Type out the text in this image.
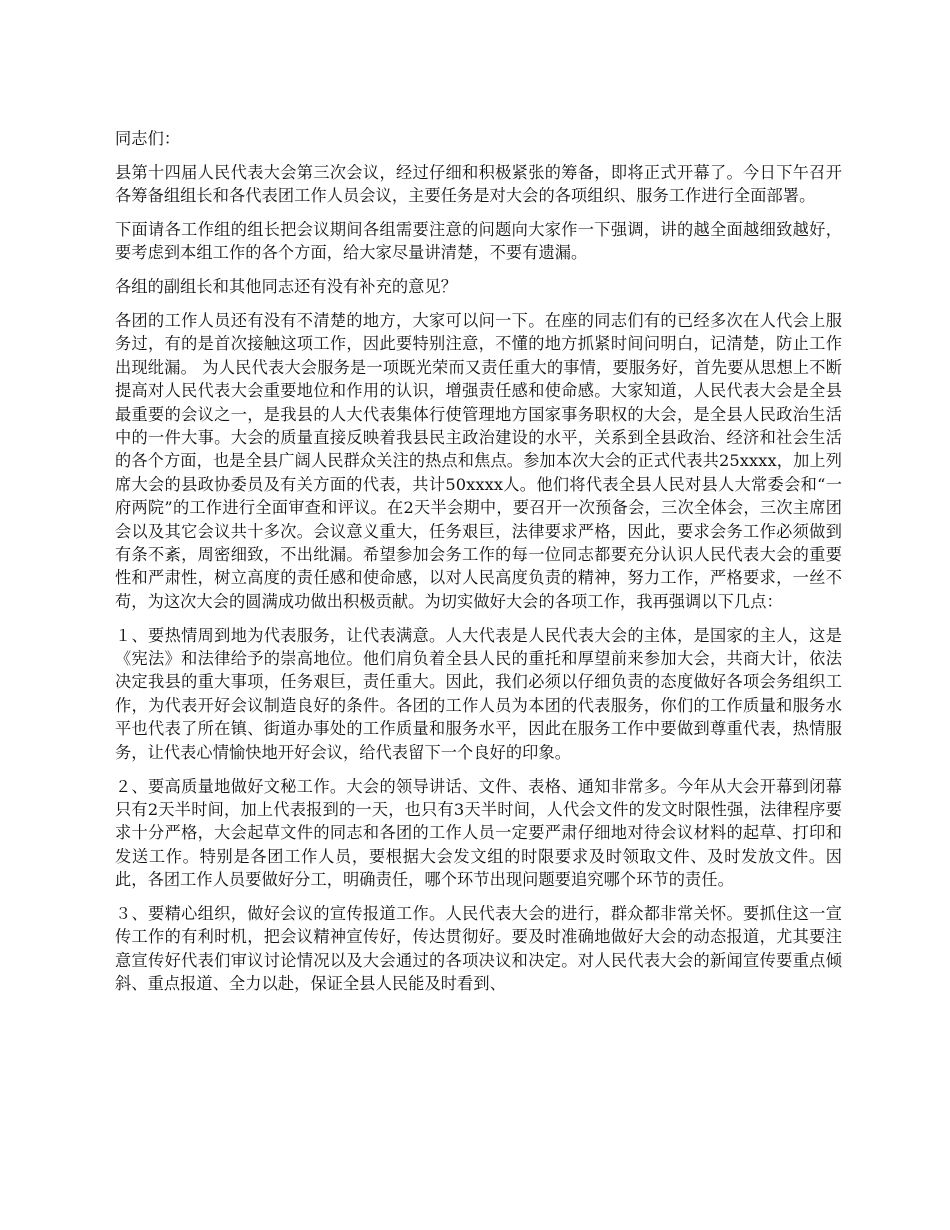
同志们：

县第十四届人民代表大会第三次会议，经过仔细和积极紧张的筹备，即将正式开幕了。今日下午召开各筹备组组长和各代表团工作人员会议，主要任务是对大会的各项组织、服务工作进行全面部署。

下面请各工作组的组长把会议期间各组需要注意的问题向大家作一下强调，讲的越全面越细致越好，要考虑到本组工作的各个方面，给大家尽量讲清楚，不要有遗漏。

各组的副组长和其他同志还有没有补充的意见？

各团的工作人员还有没有不清楚的地方，大家可以问一下。在座的同志们有的已经多次在人代会上服务过，有的是首次接触这项工作，因此要特别注意，不懂的地方抓紧时间问明白，记清楚，防止工作出现纰漏。 为人民代表大会服务是一项既光荣而又责任重大的事情，要服务好，首先要从思想上不断提高对人民代表大会重要地位和作用的认识，增强责任感和使命感。大家知道，人民代表大会是全县最重要的会议之一，是我县的人大代表集体行使管理地方国家事务职权的大会，是全县人民政治生活中的一件大事。大会的质量直接反映着我县民主政治建设的水平，关系到全县政治、经济和社会生活的各个方面，也是全县广阔人民群众关注的热点和焦点。参加本次大会的正式代表共25xxxx，加上列席大会的县政协委员及有关方面的代表，共计50xxxx人。他们将代表全县人民对县人大常委会和“一府两院”的工作进行全面审查和评议。在2天半会期中，要召开一次预备会，三次全体会，三次主席团会以及其它会议共十多次。会议意义重大，任务艰巨，法律要求严格，因此，要求会务工作必须做到有条不紊，周密细致，不出纰漏。希望参加会务工作的每一位同志都要充分认识人民代表大会的重要性和严肃性，树立高度的责任感和使命感，以对人民高度负责的精神，努力工作，严格要求，一丝不苟，为这次大会的圆满成功做出积极贡献。为切实做好大会的各项工作，我再强调以下几点：

１、要热情周到地为代表服务，让代表满意。人大代表是人民代表大会的主体，是国家的主人，这是《宪法》和法律给予的崇高地位。他们肩负着全县人民的重托和厚望前来参加大会，共商大计，依法决定我县的重大事项，任务艰巨，责任重大。因此，我们必须以仔细负责的态度做好各项会务组织工作，为代表开好会议制造良好的条件。各团的工作人员为本团的代表服务，你们的工作质量和服务水平也代表了所在镇、街道办事处的工作质量和服务水平，因此在服务工作中要做到尊重代表，热情服务，让代表心情愉快地开好会议，给代表留下一个良好的印象。

２、要高质量地做好文秘工作。大会的领导讲话、文件、表格、通知非常多。今年从大会开幕到闭幕只有2天半时间，加上代表报到的一天，也只有3天半时间，人代会文件的发文时限性强，法律程序要求十分严格，大会起草文件的同志和各团的工作人员一定要严肃仔细地对待会议材料的起草、打印和发送工作。特别是各团工作人员，要根据大会发文组的时限要求及时领取文件、及时发放文件。因此，各团工作人员要做好分工，明确责任，哪个环节出现问题要追究哪个环节的责任。

３、要精心组织，做好会议的宣传报道工作。人民代表大会的进行，群众都非常关怀。要抓住这一宣传工作的有利时机，把会议精神宣传好，传达贯彻好。要及时准确地做好大会的动态报道，尤其要注意宣传好代表们审议讨论情况以及大会通过的各项决议和决定。对人民代表大会的新闻宣传要重点倾斜、重点报道、全力以赴，保证全县人民能及时看到、
